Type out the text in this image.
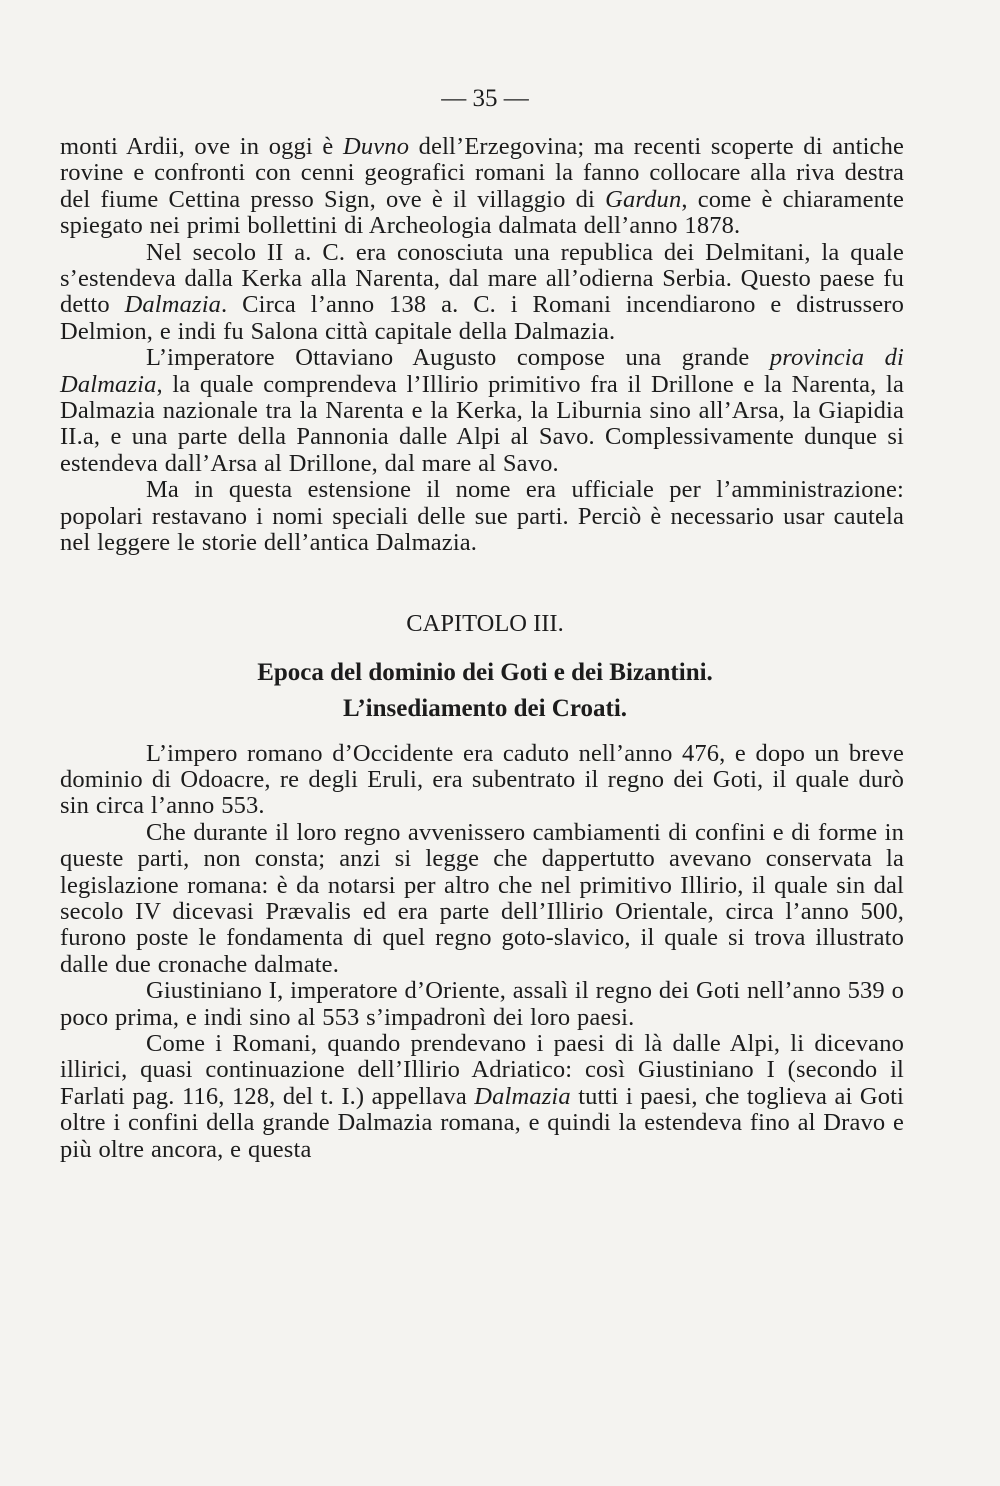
— 35 —

monti Ardii, ove in oggi è Duvno dell’Erzegovina; ma recenti scoperte di antiche rovine e confronti con cenni geografici romani la fanno collocare alla riva destra del fiume Cettina presso Sign, ove è il villaggio di Gardun, come è chiaramente spiegato nei primi bollettini di Archeologia dalmata dell’anno 1878.

Nel secolo II a. C. era conosciuta una republica dei Delmitani, la quale s’estendeva dalla Kerka alla Narenta, dal mare all’odierna Serbia. Questo paese fu detto Dalmazia. Circa l’anno 138 a. C. i Romani incendiarono e distrussero Delmion, e indi fu Salona città capitale della Dalmazia.

L’imperatore Ottaviano Augusto compose una grande provincia di Dalmazia, la quale comprendeva l’Illirio primitivo fra il Drillone e la Narenta, la Dalmazia nazionale tra la Narenta e la Kerka, la Liburnia sino all’Arsa, la Giapidia II.a, e una parte della Pannonia dalle Alpi al Savo. Complessivamente dunque si estendeva dall’Arsa al Drillone, dal mare al Savo.

Ma in questa estensione il nome era ufficiale per l’amministrazione: popolari restavano i nomi speciali delle sue parti. Perciò è necessario usar cautela nel leggere le storie dell’antica Dalmazia.

CAPITOLO III.
Epoca del dominio dei Goti e dei Bizantini.
L’insediamento dei Croati.

L’impero romano d’Occidente era caduto nell’anno 476, e dopo un breve dominio di Odoacre, re degli Eruli, era subentrato il regno dei Goti, il quale durò sin circa l’anno 553.

Che durante il loro regno avvenissero cambiamenti di confini e di forme in queste parti, non consta; anzi si legge che dappertutto avevano conservata la legislazione romana: è da notarsi per altro che nel primitivo Illirio, il quale sin dal secolo IV dicevasi Prævalis ed era parte dell’Illirio Orientale, circa l’anno 500, furono poste le fondamenta di quel regno goto-slavico, il quale si trova illustrato dalle due cronache dalmate.

Giustiniano I, imperatore d’Oriente, assalì il regno dei Goti nell’anno 539 o poco prima, e indi sino al 553 s’impadronì dei loro paesi.

Come i Romani, quando prendevano i paesi di là dalle Alpi, li dicevano illirici, quasi continuazione dell’Illirio Adriatico: così Giustiniano I (secondo il Farlati pag. 116, 128, del t. I.) appellava Dalmazia tutti i paesi, che toglieva ai Goti oltre i confini della grande Dalmazia romana, e quindi la estendeva fino al Dravo e più oltre ancora, e questa
